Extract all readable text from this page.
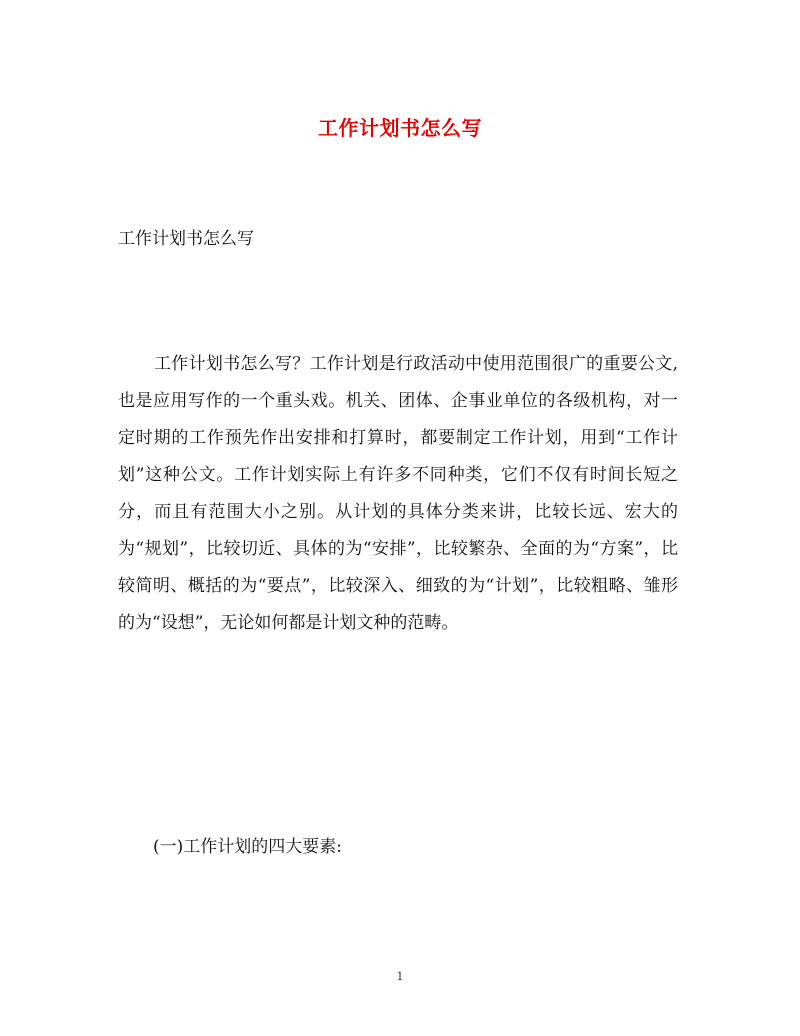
工作计划书怎么写
工作计划书怎么写

工作计划书怎么写？工作计划是行政活动中使用范围很广的重要公文,也是应用写作的一个重头戏。机关、团体、企事业单位的各级机构，对一定时期的工作预先作出安排和打算时，都要制定工作计划，用到“工作计划”这种公文。工作计划实际上有许多不同种类，它们不仅有时间长短之分，而且有范围大小之别。从计划的具体分类来讲，比较长远、宏大的为“规划”，比较切近、具体的为“安排”，比较繁杂、全面的为“方案”，比较简明、概括的为“要点”，比较深入、细致的为“计划”，比较粗略、雏形的为“设想”，无论如何都是计划文种的范畴。

(一)工作计划的四大要素:
1
